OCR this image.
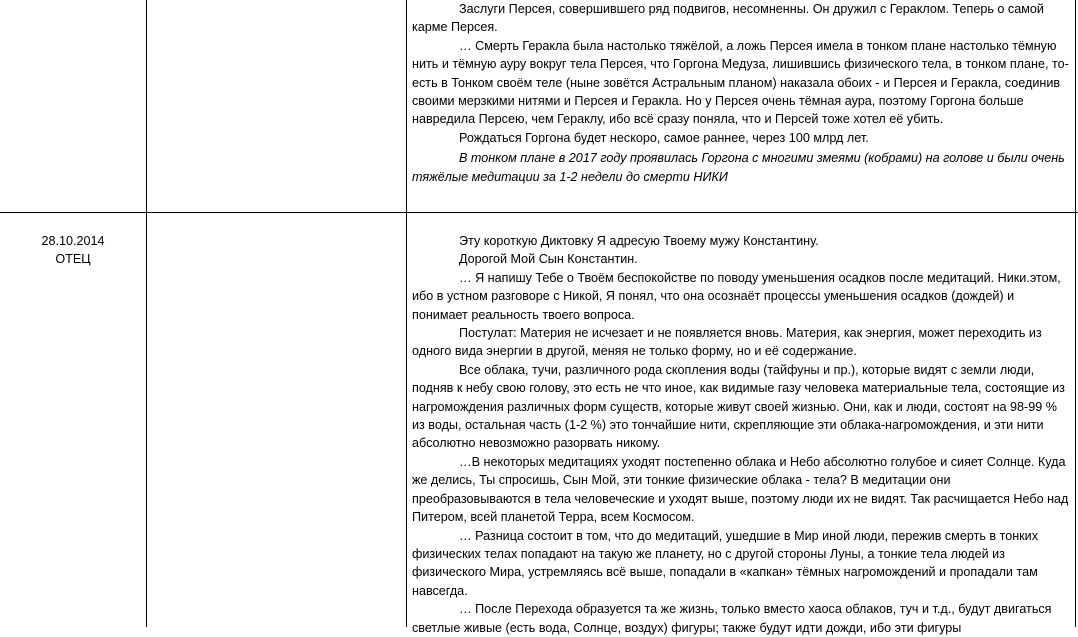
Заслуги Персея, совершившего ряд подвигов, несомненны. Он дружил с Гераклом. Теперь о самой карме Персея.

… Смерть Геракла была настолько тяжёлой, а ложь Персея имела в тонком плане настолько тёмную нить и тёмную ауру вокруг тела Персея, что Горгона Медуза, лишившись физического тела, в тонком плане, то-есть в Тонком своём теле (ныне зовётся Астральным планом) наказала обоих - и Персея и Геракла, соединив своими мерзкими нитями и Персея и Геракла. Но у Персея очень тёмная аура, поэтому Горгона больше навредила Персею, чем Гераклу, ибо всё сразу поняла, что и Персей тоже хотел её убить.

Рождаться Горгона будет нескоро, самое раннее, через 100 млрд лет.

В тонком плане в 2017 году проявилась Горгона с многими змеями (кобрами) на голове и были очень тяжёлые медитации за 1-2 недели до смерти НИКИ

28.10.2014
ОТЕЦ

Эту короткую Диктовку Я адресую Твоему мужу Константину.

Дорогой Мой Сын Константин.

… Я напишу Тебе о Твоём беспокойстве по поводу уменьшения осадков после медитаций. Ники.этом, ибо в устном разговоре с Никой, Я понял, что она осознаёт процессы уменьшения осадков (дождей) и понимает реальность твоего вопроса.

Постулат: Материя не исчезает и не появляется вновь. Материя, как энергия, может переходить из одного вида энергии в другой, меняя не только форму, но и её содержание.

Все облака, тучи, различного рода скопления воды (тайфуны и пр.), которые видят с земли люди, подняв к небу свою голову, это есть не что иное, как видимые газу человека материальные тела, состоящие из нагромождения различных форм существ, которые живут своей жизнью. Они, как и люди, состоят на 98-99 % из воды, остальная часть (1-2 %) это тончайшие нити, скрепляющие эти облака-нагромождения, и эти нити абсолютно невозможно разорвать никому.

…В некоторых медитациях уходят постепенно облака и Небо абсолютно голубое и сияет Солнце. Куда же делись, Ты спросишь, Сын Мой, эти тонкие физические облака - тела? В медитации они преобразовываются в тела человеческие и уходят выше, поэтому люди их не видят. Так расчищается Небо над Питером, всей планетой Терра, всем Космосом.

… Разница состоит в том, что до медитаций, ушедшие в Мир иной люди, пережив смерть в тонких физических телах попадают на такую же планету, но с другой стороны Луны, а тонкие тела людей из физического Мира, устремляясь всё выше, попадали в «капкан» тёмных нагромождений и пропадали там навсегда.

… После Перехода образуется та же жизнь, только вместо хаоса облаков, туч и т.д., будут двигаться светлые живые (есть вода, Солнце, воздух) фигуры; также будут идти дожди, ибо эти фигуры
